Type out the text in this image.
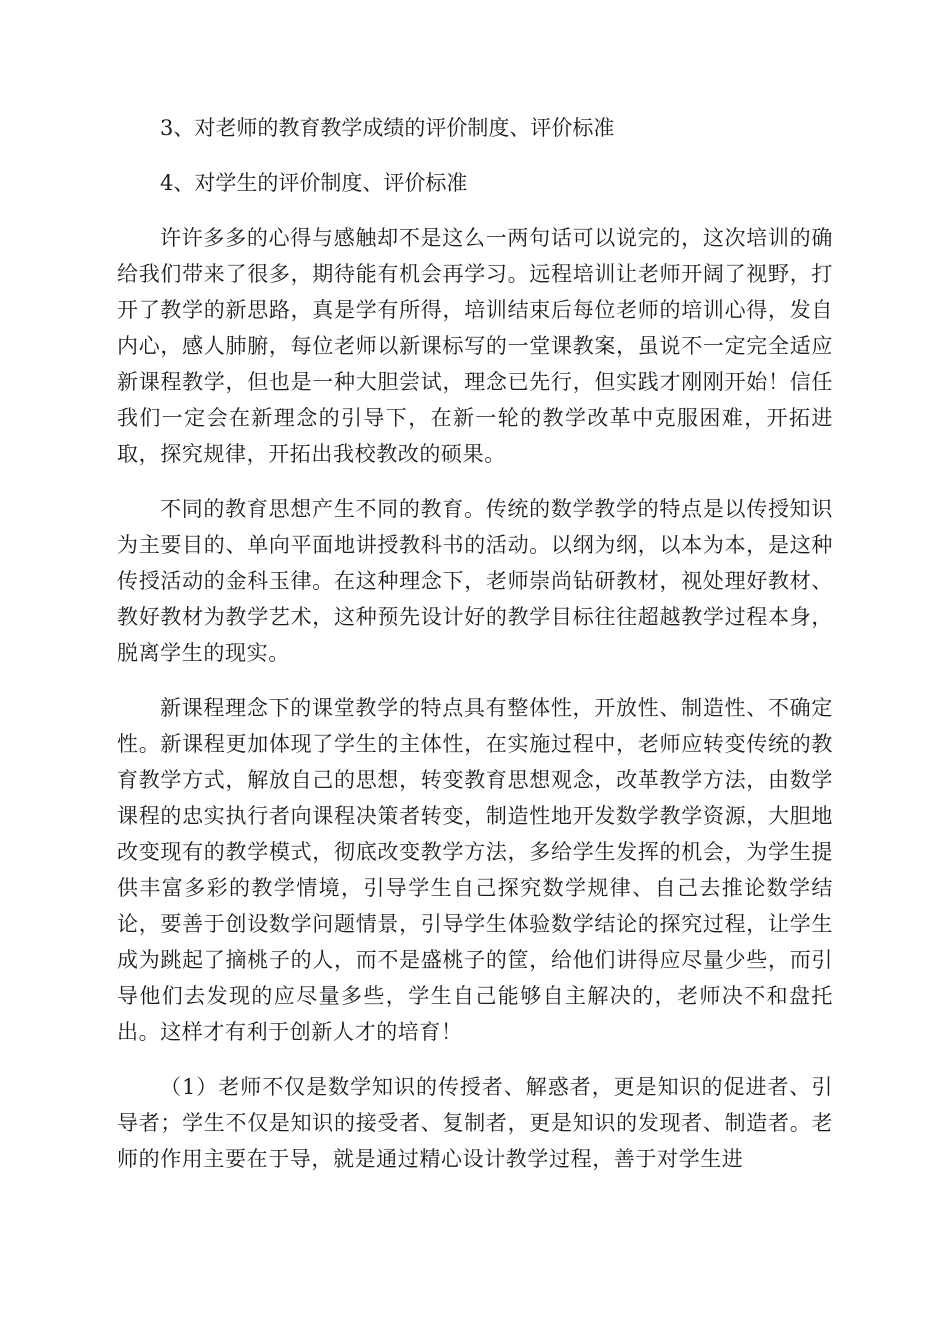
3、对老师的教育教学成绩的评价制度、评价标准

4、对学生的评价制度、评价标准

许许多多的心得与感触却不是这么一两句话可以说完的，这次培训的确给我们带来了很多，期待能有机会再学习。远程培训让老师开阔了视野，打开了教学的新思路，真是学有所得，培训结束后每位老师的培训心得，发自内心，感人肺腑，每位老师以新课标写的一堂课教案，虽说不一定完全适应新课程教学，但也是一种大胆尝试，理念已先行，但实践才刚刚开始！信任我们一定会在新理念的引导下，在新一轮的教学改革中克服困难，开拓进取，探究规律，开拓出我校教改的硕果。

不同的教育思想产生不同的教育。传统的数学教学的特点是以传授知识为主要目的、单向平面地讲授教科书的活动。以纲为纲，以本为本，是这种传授活动的金科玉律。在这种理念下，老师崇尚钻研教材，视处理好教材、教好教材为教学艺术，这种预先设计好的教学目标往往超越教学过程本身，脱离学生的现实。

新课程理念下的课堂教学的特点具有整体性，开放性、制造性、不确定性。新课程更加体现了学生的主体性，在实施过程中，老师应转变传统的教育教学方式，解放自己的思想，转变教育思想观念，改革教学方法，由数学课程的忠实执行者向课程决策者转变，制造性地开发数学教学资源，大胆地改变现有的教学模式，彻底改变教学方法，多给学生发挥的机会，为学生提供丰富多彩的教学情境，引导学生自己探究数学规律、自己去推论数学结论，要善于创设数学问题情景，引导学生体验数学结论的探究过程，让学生成为跳起了摘桃子的人，而不是盛桃子的筐，给他们讲得应尽量少些，而引导他们去发现的应尽量多些，学生自己能够自主解决的，老师决不和盘托出。这样才有利于创新人才的培育！

（1）老师不仅是数学知识的传授者、解惑者，更是知识的促进者、引导者；学生不仅是知识的接受者、复制者，更是知识的发现者、制造者。老师的作用主要在于导，就是通过精心设计教学过程，善于对学生进
